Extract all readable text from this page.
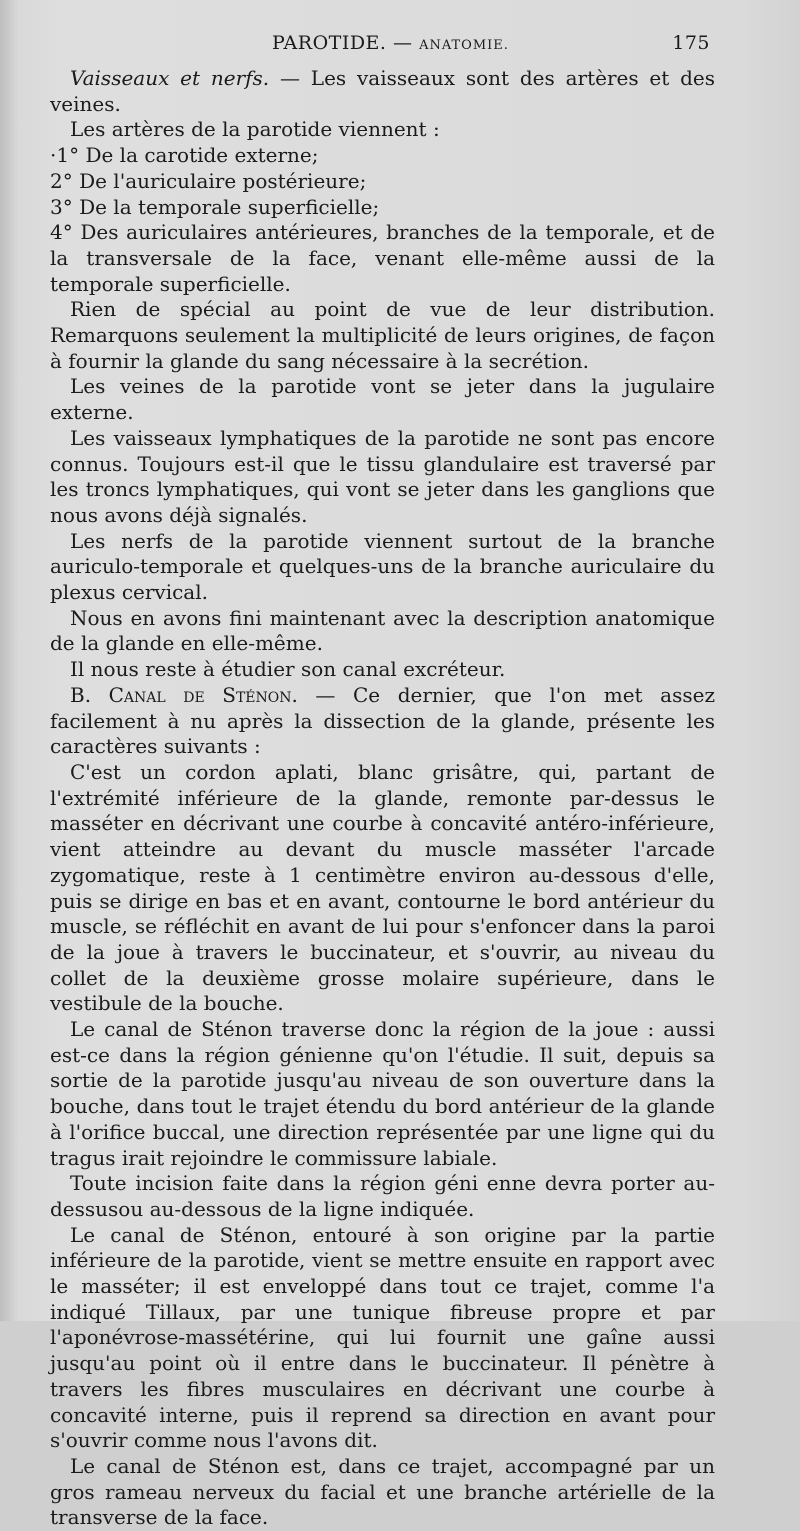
PAROTIDE. — ANATOMIE.	175

Vaisseaux et nerfs. — Les vaisseaux sont des artères et des veines.

Les artères de la parotide viennent :

·1° De la carotide externe;

2° De l'auriculaire postérieure;

3° De la temporale superficielle;

4° Des auriculaires antérieures, branches de la temporale, et de la transversale de la face, venant elle-même aussi de la temporale superficielle.

Rien de spécial au point de vue de leur distribution. Remarquons seulement la multiplicité de leurs origines, de façon à fournir la glande du sang nécessaire à la secrétion.

Les veines de la parotide vont se jeter dans la jugulaire externe.

Les vaisseaux lymphatiques de la parotide ne sont pas encore connus. Toujours est-il que le tissu glandulaire est traversé par les troncs lymphatiques, qui vont se jeter dans les ganglions que nous avons déjà signalés.

Les nerfs de la parotide viennent surtout de la branche auriculo-temporale et quelques-uns de la branche auriculaire du plexus cervical.

Nous en avons fini maintenant avec la description anatomique de la glande en elle-même.

Il nous reste à étudier son canal excréteur.

B. Canal de Sténon. — Ce dernier, que l'on met assez facilement à nu après la dissection de la glande, présente les caractères suivants :

C'est un cordon aplati, blanc grisâtre, qui, partant de l'extrémité inférieure de la glande, remonte par-dessus le masséter en décrivant une courbe à concavité antéro-inférieure, vient atteindre au devant du muscle masséter l'arcade zygomatique, reste à 1 centimètre environ au-dessous d'elle, puis se dirige en bas et en avant, contourne le bord antérieur du muscle, se réfléchit en avant de lui pour s'enfoncer dans la paroi de la joue à travers le buccinateur, et s'ouvrir, au niveau du collet de la deuxième grosse molaire supérieure, dans le vestibule de la bouche.

Le canal de Sténon traverse donc la région de la joue : aussi est-ce dans la région génienne qu'on l'étudie. Il suit, depuis sa sortie de la parotide jusqu'au niveau de son ouverture dans la bouche, dans tout le trajet étendu du bord antérieur de la glande à l'orifice buccal, une direction représentée par une ligne qui du tragus irait rejoindre le commissure labiale.

Toute incision faite dans la région géni enne devra porter au-dessusou au-dessous de la ligne indiquée.

Le canal de Sténon, entouré à son origine par la partie inférieure de la parotide, vient se mettre ensuite en rapport avec le masséter; il est enveloppé dans tout ce trajet, comme l'a indiqué Tillaux, par une tunique fibreuse propre et par l'aponévrose-massétérine, qui lui fournit une gaîne aussi jusqu'au point où il entre dans le buccinateur. Il pénètre à travers les fibres musculaires en décrivant une courbe à concavité interne, puis il reprend sa direction en avant pour s'ouvrir comme nous l'avons dit.

Le canal de Sténon est, dans ce trajet, accompagné par un gros rameau nerveux du facial et une branche artérielle de la transverse de la face.
